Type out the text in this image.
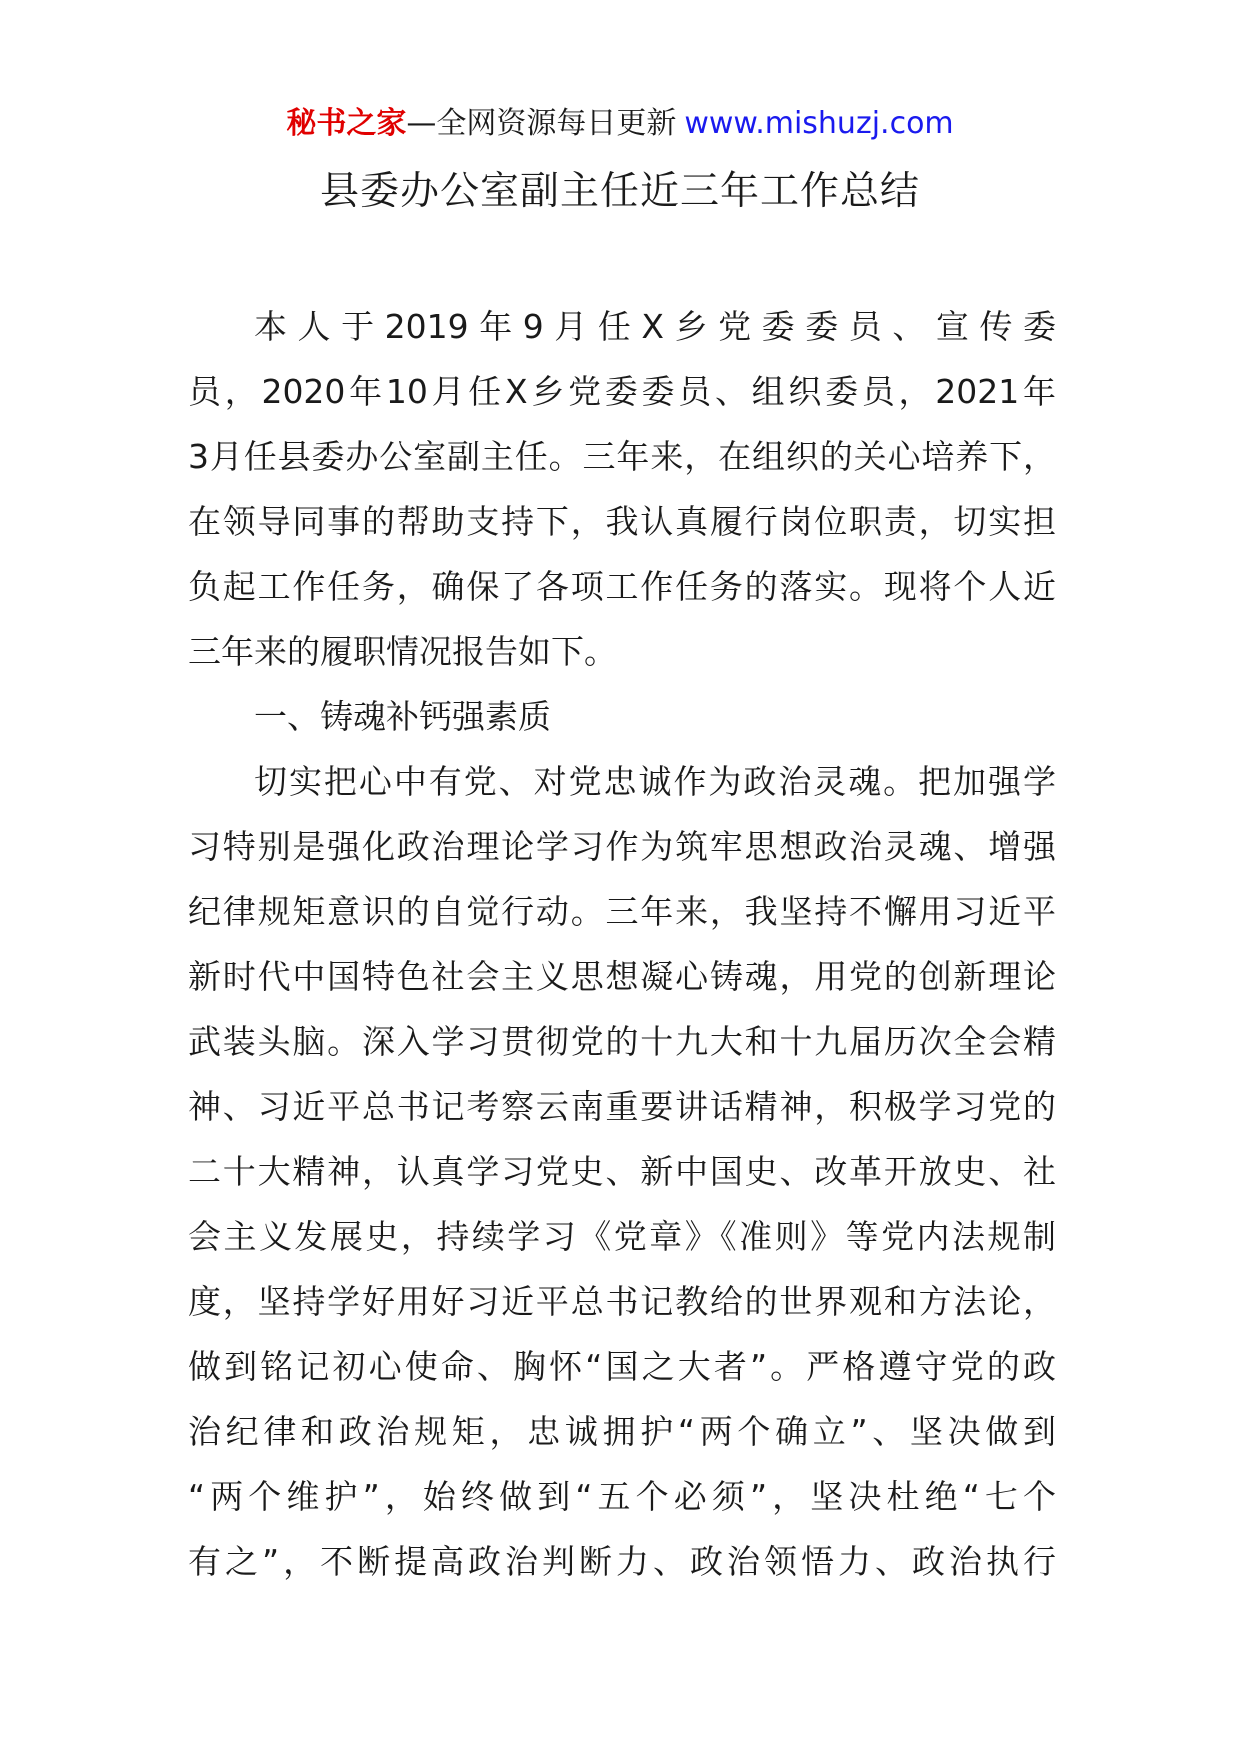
秘书之家—全网资源每日更新 www.mishuzj.com
县委办公室副主任近三年工作总结
本人于2019年9月任X乡党委委员、宣传委
员，2020年10月任X乡党委委员、组织委员，2021年
3月任县委办公室副主任。三年来，在组织的关心培养下，
在领导同事的帮助支持下，我认真履行岗位职责，切实担
负起工作任务，确保了各项工作任务的落实。现将个人近
三年来的履职情况报告如下。
一、铸魂补钙强素质
切实把心中有党、对党忠诚作为政治灵魂。把加强学
习特别是强化政治理论学习作为筑牢思想政治灵魂、增强
纪律规矩意识的自觉行动。三年来，我坚持不懈用习近平
新时代中国特色社会主义思想凝心铸魂，用党的创新理论
武装头脑。深入学习贯彻党的十九大和十九届历次全会精
神、习近平总书记考察云南重要讲话精神，积极学习党的
二十大精神，认真学习党史、新中国史、改革开放史、社
会主义发展史，持续学习《党章》《准则》等党内法规制
度，坚持学好用好习近平总书记教给的世界观和方法论，
做到铭记初心使命、胸怀“国之大者”。严格遵守党的政
治纪律和政治规矩，忠诚拥护“两个确立”、坚决做到
“两个维护”，始终做到“五个必须”，坚决杜绝“七个
有之”，不断提高政治判断力、政治领悟力、政治执行
